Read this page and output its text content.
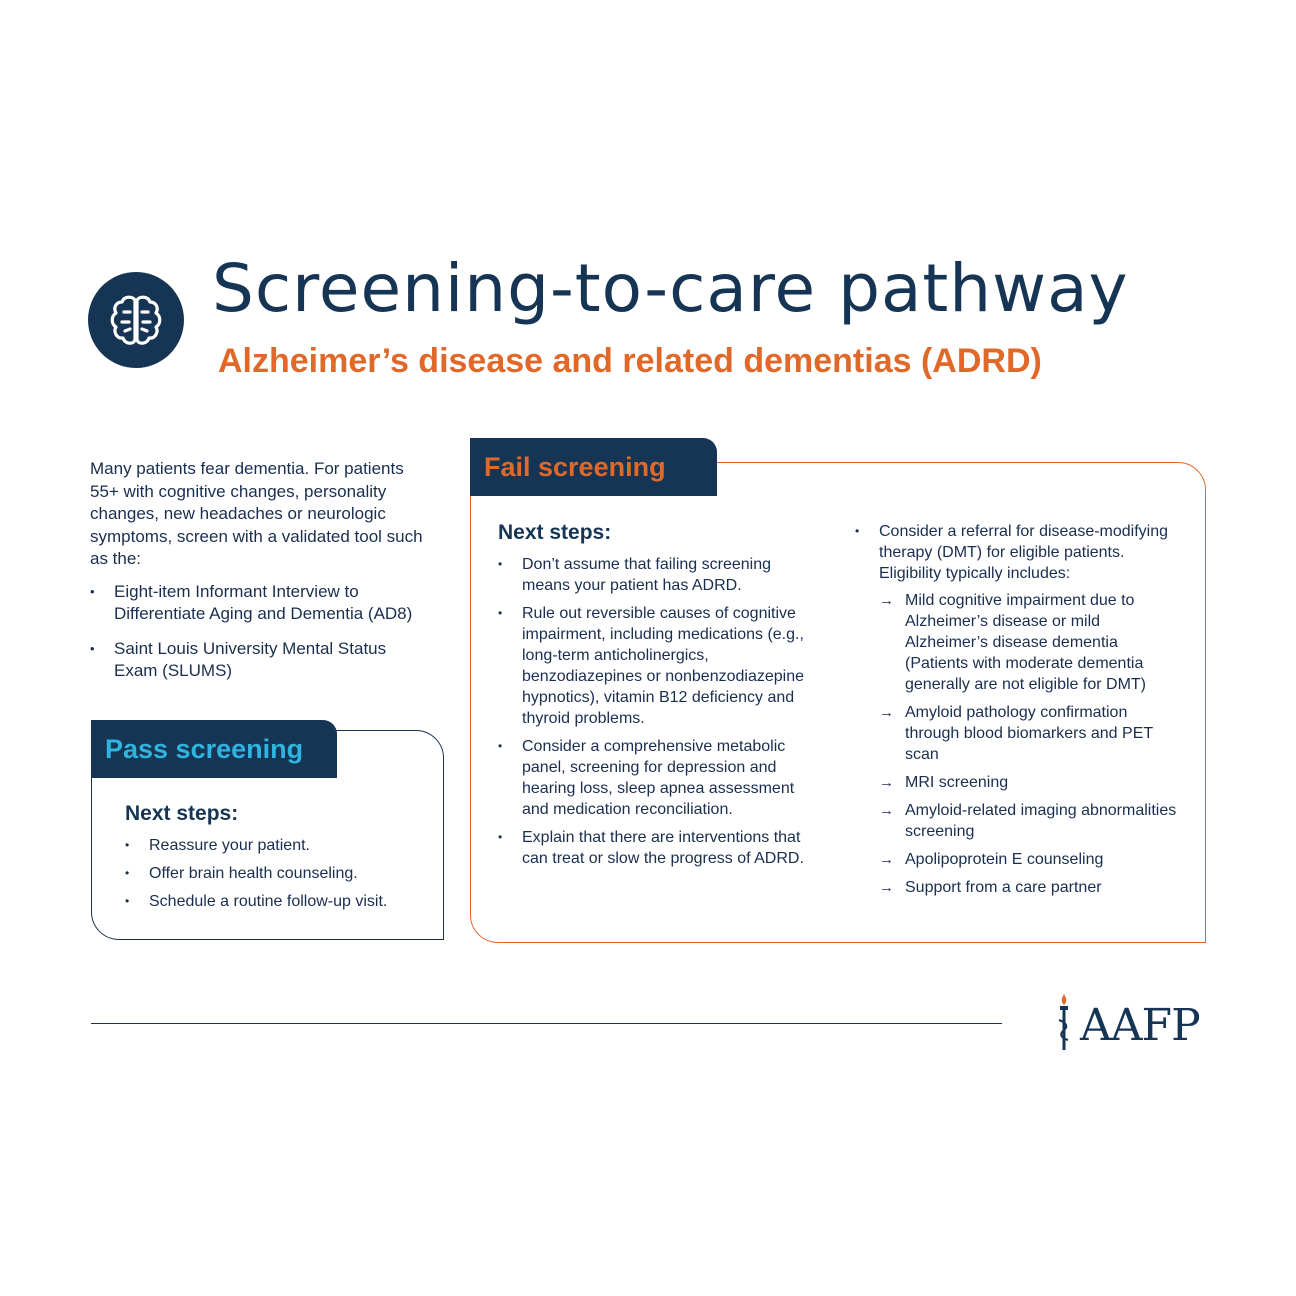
Screening-to-care pathway
Alzheimer’s disease and related dementias (ADRD)

Many patients fear dementia. For patients 55+ with cognitive changes, personality changes, new headaches or neurologic symptoms, screen with a validated tool such as the:

• Eight-item Informant Interview to Differentiate Aging and Dementia (AD8)
• Saint Louis University Mental Status Exam (SLUMS)
Pass screening
Next steps:
• Reassure your patient.
• Offer brain health counseling.
• Schedule a routine follow-up visit.
Fail screening
Next steps:
• Don’t assume that failing screening means your patient has ADRD.
• Rule out reversible causes of cognitive impairment, including medications (e.g., long-term anticholinergics, benzodiazepines or nonbenzodiazepine hypnotics), vitamin B12 deficiency and thyroid problems.
• Consider a comprehensive metabolic panel, screening for depression and hearing loss, sleep apnea assessment and medication reconciliation.
• Explain that there are interventions that can treat or slow the progress of ADRD.
• Consider a referral for disease-modifying therapy (DMT) for eligible patients. Eligibility typically includes:
→ Mild cognitive impairment due to Alzheimer’s disease or mild Alzheimer’s disease dementia (Patients with moderate dementia generally are not eligible for DMT)
→ Amyloid pathology confirmation through blood biomarkers and PET scan
→ MRI screening
→ Amyloid-related imaging abnormalities screening
→ Apolipoprotein E counseling
→ Support from a care partner
AAFP
